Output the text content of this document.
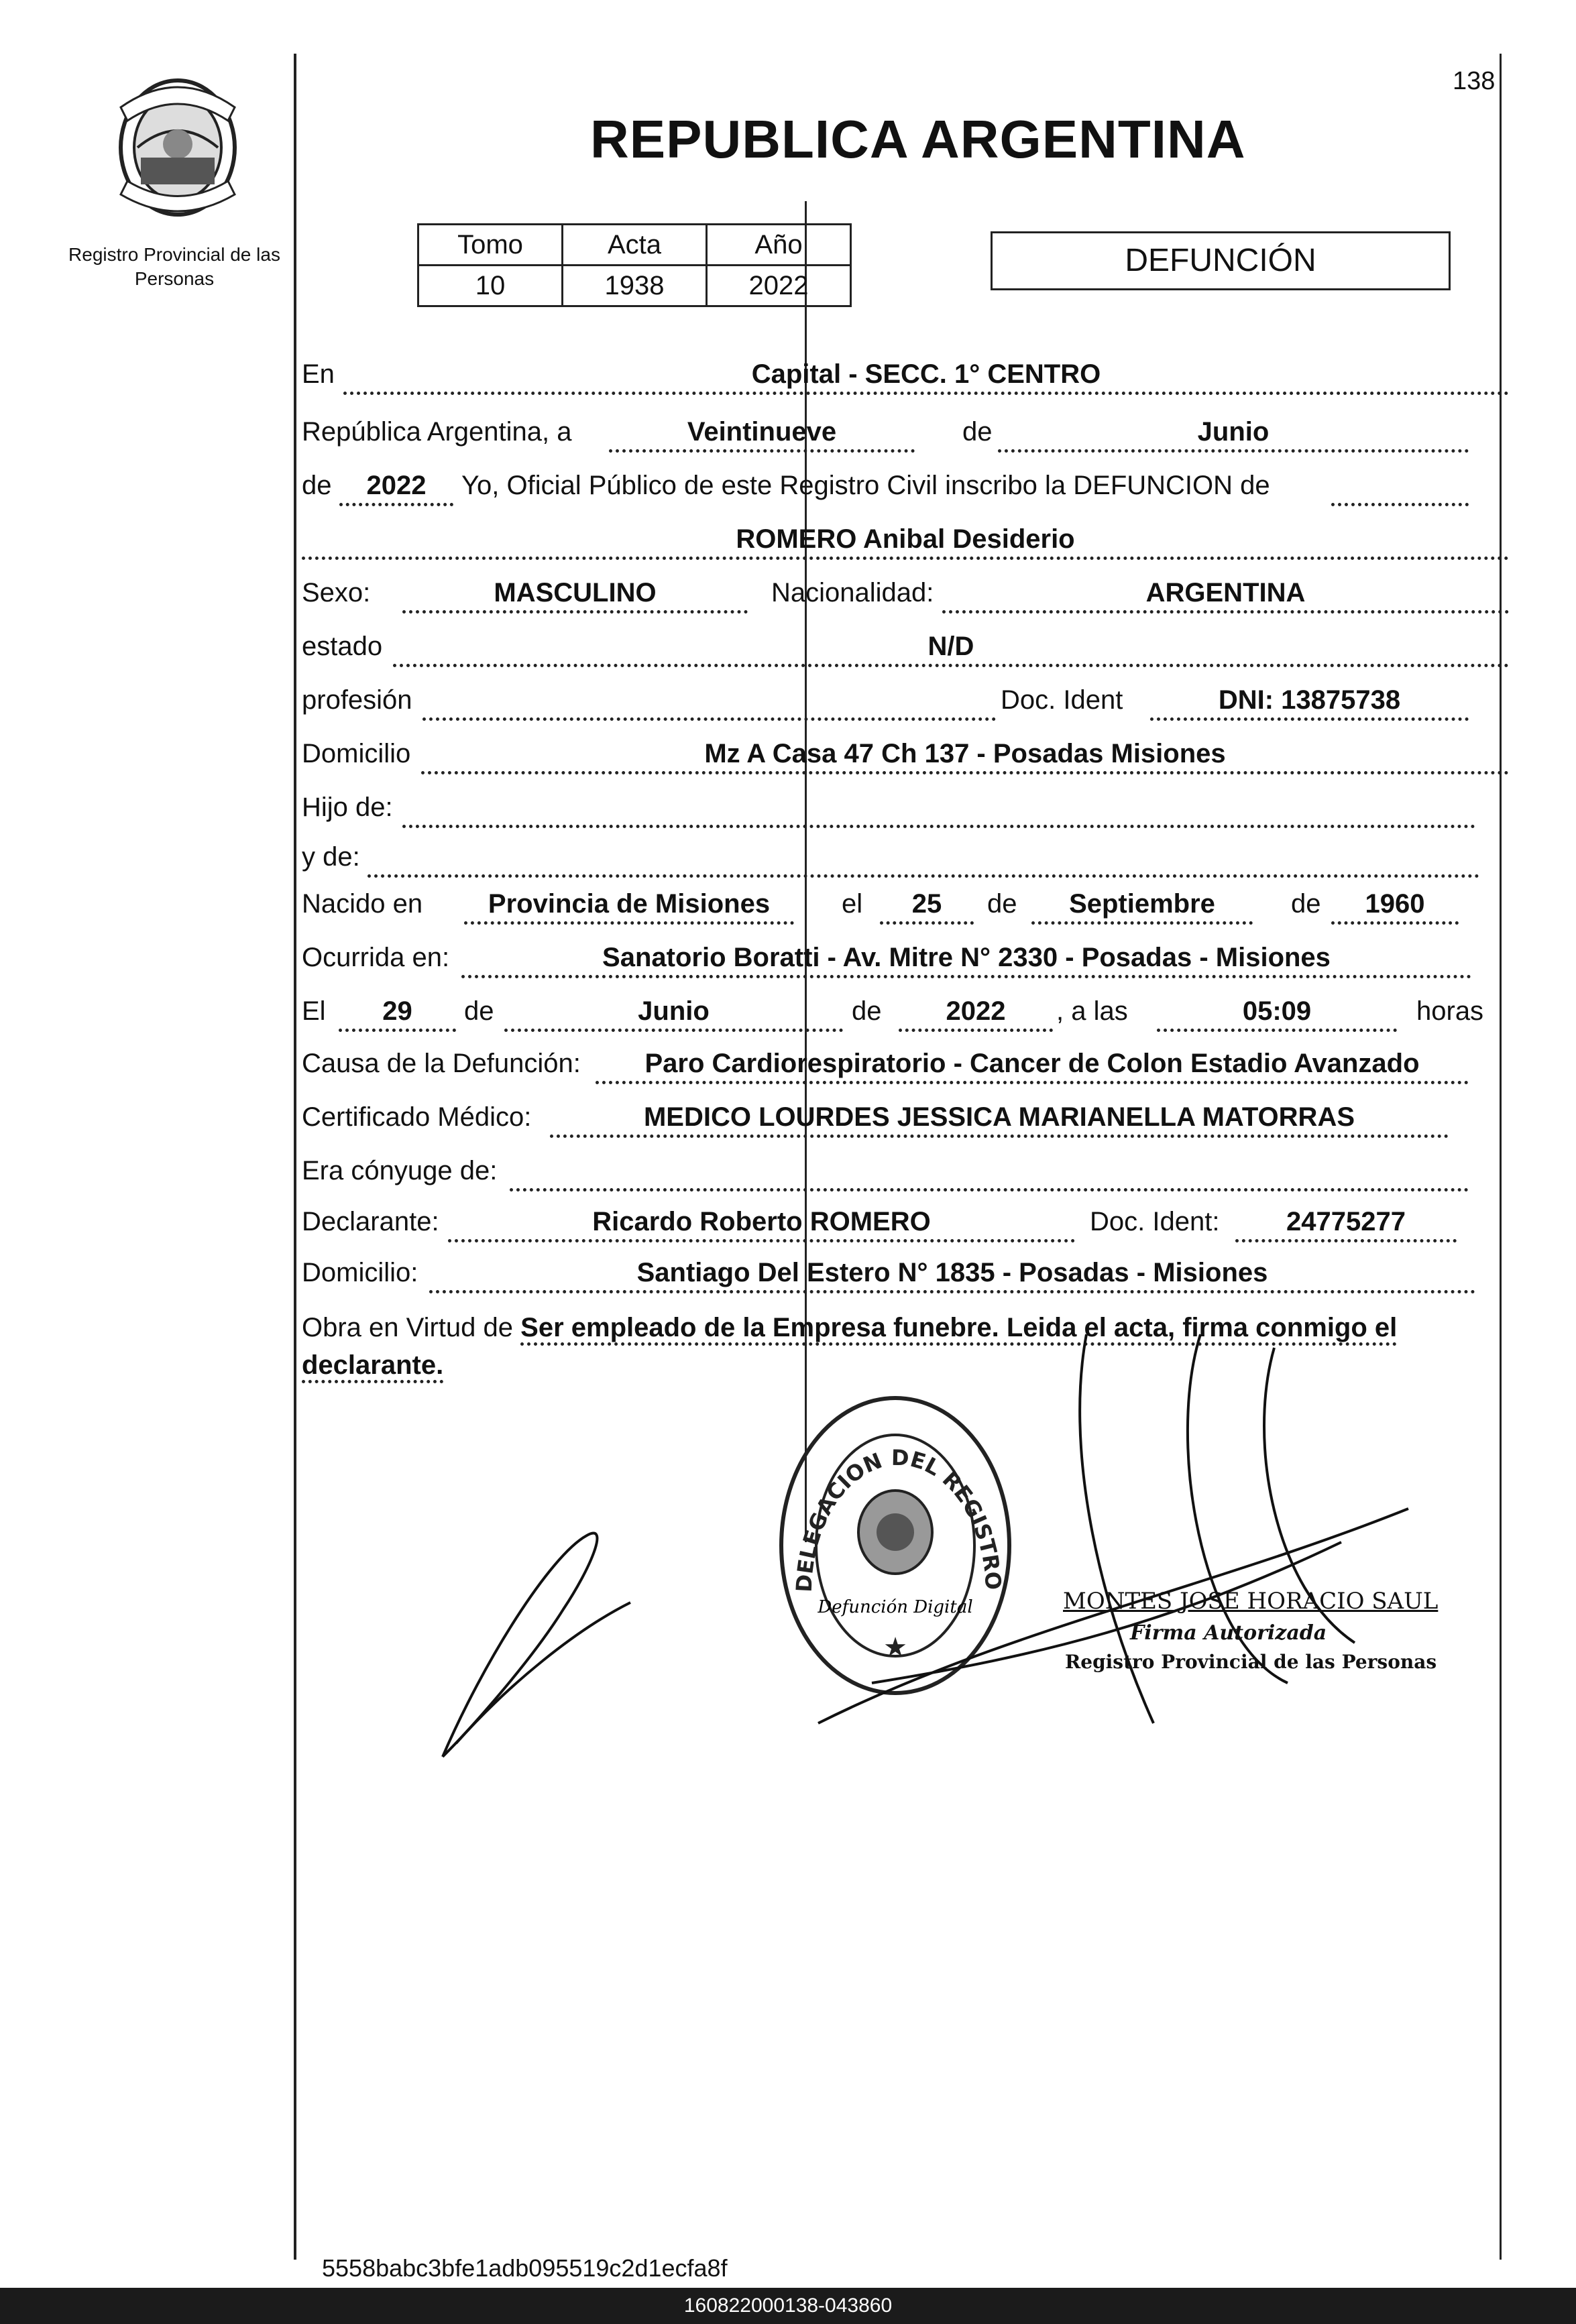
Registro Provincial de las Personas
138
REPUBLICA ARGENTINA
Tomo	Acta	Año
10	1938	2022
DEFUNCIÓN
En	Capital - SECC. 1° CENTRO
República Argentina, a	Veintinueve	de	Junio
de	2022	Yo, Oficial Público de este Registro Civil inscribo la DEFUNCION de
ROMERO Anibal Desiderio
Sexo:	MASCULINO	Nacionalidad:	ARGENTINA
estado	N/D
profesión	Doc. Ident	DNI: 13875738
Domicilio	Mz A Casa 47 Ch 137 - Posadas Misiones
Hijo de:
y de:
Nacido en	Provincia de Misiones	el	25	de	Septiembre	de	1960
Ocurrida en:	Sanatorio Boratti - Av. Mitre N° 2330 - Posadas - Misiones
El	29	de	Junio	de	2022	, a las	05:09	horas
Causa de la Defunción:	Paro Cardiorespiratorio - Cancer de Colon Estadio Avanzado
Certificado Médico:	MEDICO LOURDES JESSICA MARIANELLA MATORRAS
Era cónyuge de:
Declarante:	Ricardo Roberto ROMERO	Doc. Ident:	24775277
Domicilio:	Santiago Del Estero N° 1835 - Posadas - Misiones
Obra en Virtud de Ser empleado de la Empresa funebre. Leida el acta, firma conmigo el declarante.
DELEGACION DEL REGISTRO
Defunción Digital
★
MONTES JOSE HORACIO SAUL
Firma Autorizada
Registro Provincial de las Personas
5558babc3bfe1adb095519c2d1ecfa8f
160822000138-043860
